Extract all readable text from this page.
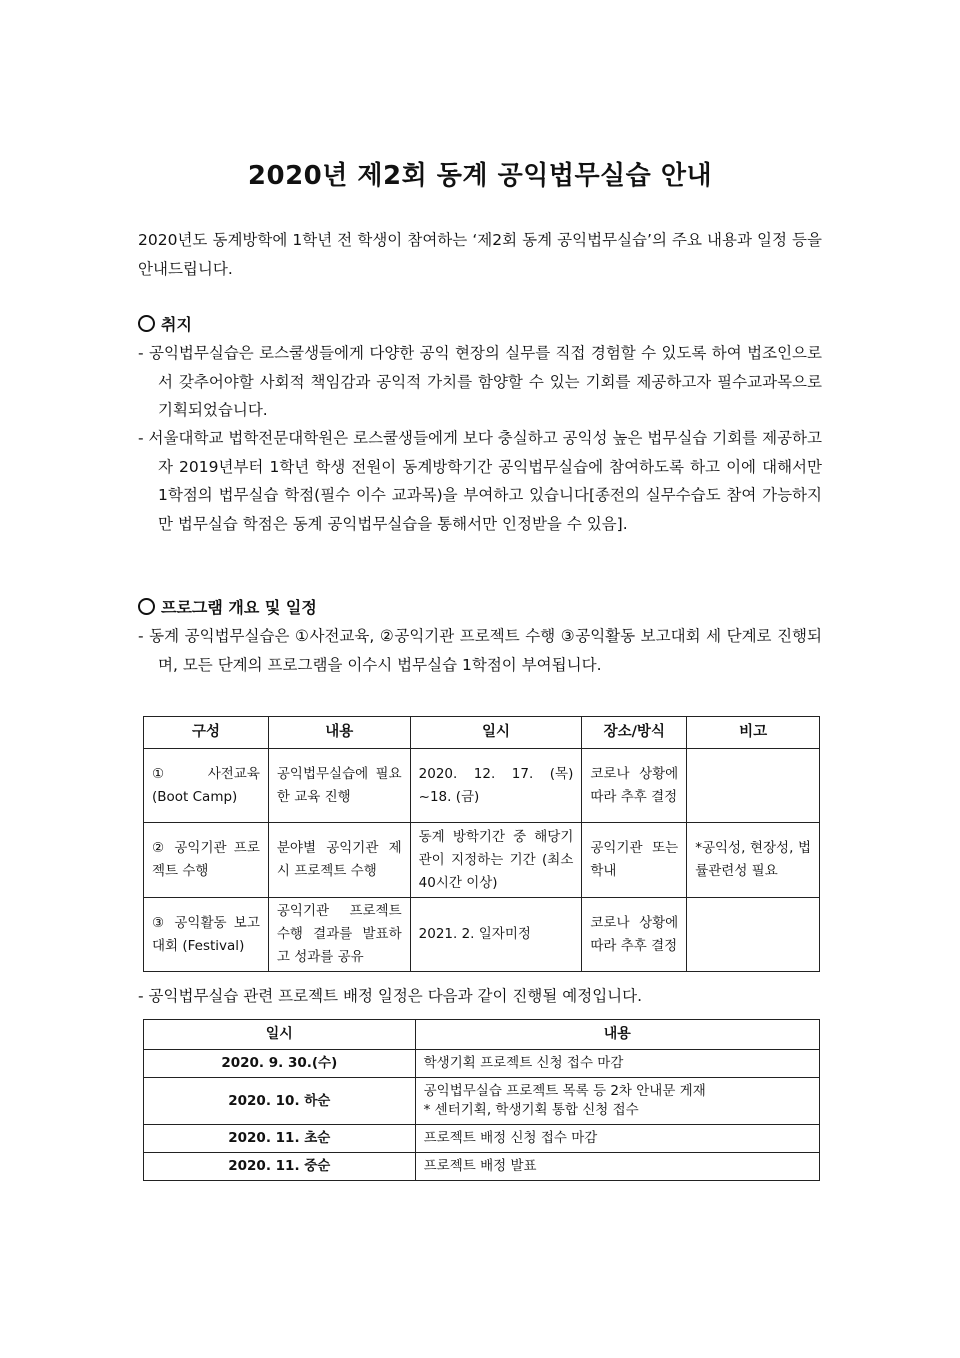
2020년 제2회 동계 공익법무실습 안내
2020년도 동계방학에 1학년 전 학생이 참여하는 ‘제2회 동계 공익법무실습’의 주요 내용과 일정 등을 안내드립니다.
취지
- 공익법무실습은 로스쿨생들에게 다양한 공익 현장의 실무를 직접 경험할 수 있도록 하여 법조인으로서 갖추어야할 사회적 책임감과 공익적 가치를 함양할 수 있는 기회를 제공하고자 필수교과목으로 기획되었습니다.
- 서울대학교 법학전문대학원은 로스쿨생들에게 보다 충실하고 공익성 높은 법무실습 기회를 제공하고자 2019년부터 1학년 학생 전원이 동계방학기간 공익법무실습에 참여하도록 하고 이에 대해서만 1학점의 법무실습 학점(필수 이수 교과목)을 부여하고 있습니다[종전의 실무수습도 참여 가능하지만 법무실습 학점은 동계 공익법무실습을 통해서만 인정받을 수 있음].
프로그램 개요 및 일정
- 동계 공익법무실습은 ①사전교육, ②공익기관 프로젝트 수행 ③공익활동 보고대회 세 단계로 진행되며, 모든 단계의 프로그램을 이수시 법무실습 1학점이 부여됩니다.
구성	내용	일시	장소/방식	비고
① 사전교육 (Boot Camp)	공익법무실습에 필요한 교육 진행	2020. 12. 17. (목) ~18. (금)	코로나 상황에 따라 추후 결정	
② 공익기관 프로젝트 수행	분야별 공익기관 제시 프로젝트 수행	동계 방학기간 중 해당기관이 지정하는 기간 (최소 40시간 이상)	공익기관 또는 학내	*공익성, 현장성, 법률관련성 필요
③ 공익활동 보고대회 (Festival)	공익기관 프로젝트 수행 결과를 발표하고 성과를 공유	2021. 2. 일자미정	코로나 상황에 따라 추후 결정	
- 공익법무실습 관련 프로젝트 배정 일정은 다음과 같이 진행될 예정입니다.
일시	내용
2020. 9. 30.(수)	학생기획 프로젝트 신청 접수 마감
2020. 10. 하순	공익법무실습 프로젝트 목록 등 2차 안내문 게재
* 센터기획, 학생기획 통합 신청 접수

2020. 11. 초순	프로젝트 배정 신청 접수 마감
2020. 11. 중순	프로젝트 배정 발표
